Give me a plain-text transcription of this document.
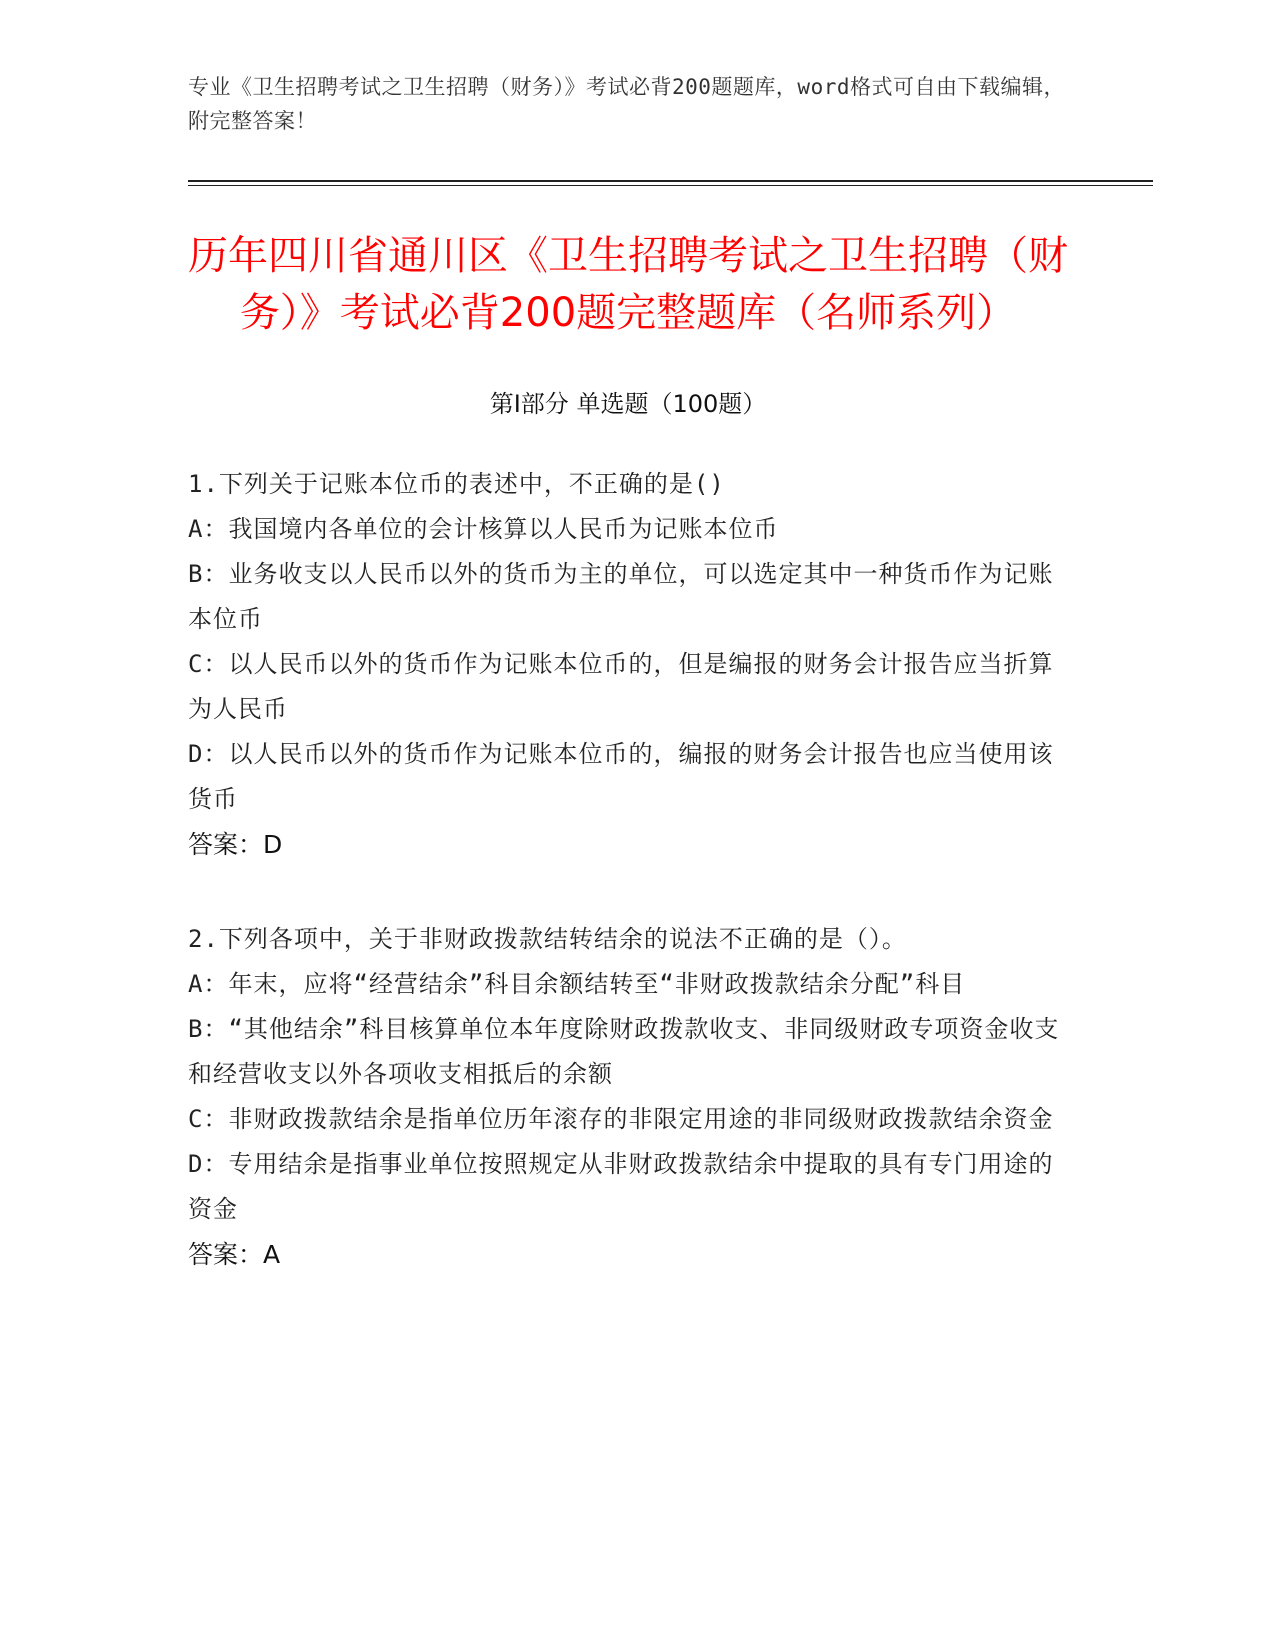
专业《卫生招聘考试之卫生招聘（财务）》考试必背200题题库，word格式可自由下载编辑，附完整答案！
历年四川省通川区《卫生招聘考试之卫生招聘（财务）》考试必背200题完整题库（名师系列）
第I部分 单选题（100题）
1.下列关于记账本位币的表述中，不正确的是()
A：我国境内各单位的会计核算以人民币为记账本位币
B：业务收支以人民币以外的货币为主的单位，可以选定其中一种货币作为记账本位币
C：以人民币以外的货币作为记账本位币的，但是编报的财务会计报告应当折算为人民币
D：以人民币以外的货币作为记账本位币的，编报的财务会计报告也应当使用该货币
答案：D
2.下列各项中，关于非财政拨款结转结余的说法不正确的是（）。
A：年末，应将“经营结余”科目余额结转至“非财政拨款结余分配”科目
B：“其他结余”科目核算单位本年度除财政拨款收支、非同级财政专项资金收支和经营收支以外各项收支相抵后的余额
C：非财政拨款结余是指单位历年滚存的非限定用途的非同级财政拨款结余资金
D：专用结余是指事业单位按照规定从非财政拨款结余中提取的具有专门用途的资金
答案：A
